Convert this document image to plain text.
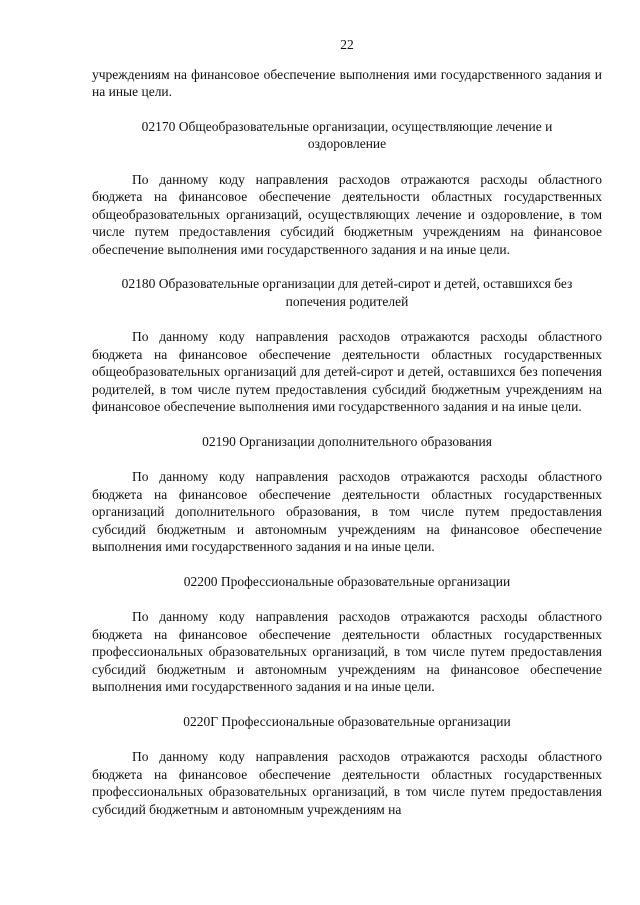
22

учреждениям на финансовое обеспечение выполнения ими государственного задания и на иные цели.

02170 Общеобразовательные организации, осуществляющие лечение и оздоровление

По данному коду направления расходов отражаются расходы областного бюджета на финансовое обеспечение деятельности областных государственных общеобразовательных организаций, осуществляющих лечение и оздоровление, в том числе путем предоставления субсидий бюджетным учреждениям на финансовое обеспечение выполнения ими государственного задания и на иные цели.

02180 Образовательные организации для детей-сирот и детей, оставшихся без попечения родителей

По данному коду направления расходов отражаются расходы областного бюджета на финансовое обеспечение деятельности областных государственных общеобразовательных организаций для детей-сирот и детей, оставшихся без попечения родителей, в том числе путем предоставления субсидий бюджетным учреждениям на финансовое обеспечение выполнения ими государственного задания и на иные цели.

02190 Организации дополнительного образования

По данному коду направления расходов отражаются расходы областного бюджета на финансовое обеспечение деятельности областных государственных организаций дополнительного образования, в том числе путем предоставления субсидий бюджетным и автономным учреждениям на финансовое обеспечение выполнения ими государственного задания и на иные цели.

02200 Профессиональные образовательные организации

По данному коду направления расходов отражаются расходы областного бюджета на финансовое обеспечение деятельности областных государственных профессиональных образовательных организаций, в том числе путем предоставления субсидий бюджетным и автономным учреждениям на финансовое обеспечение выполнения ими государственного задания и на иные цели.

0220Г Профессиональные образовательные организации

По данному коду направления расходов отражаются расходы областного бюджета на финансовое обеспечение деятельности областных государственных профессиональных образовательных организаций, в том числе путем предоставления субсидий бюджетным и автономным учреждениям на
